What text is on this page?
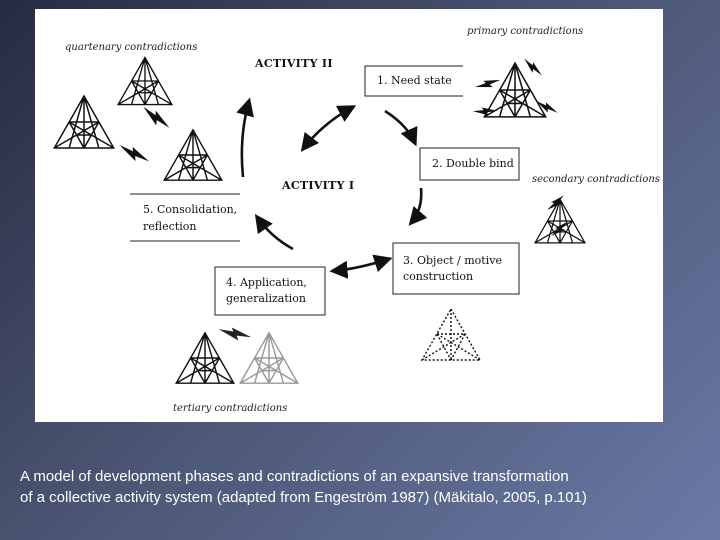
ACTIVITY II
ACTIVITY I
1. Need state
2. Double bind
3. Object / motive
construction
4. Application,
generalization
5. Consolidation,
reflection
primary contradictions
secondary contradictions
tertiary contradictions
quartenary contradictions
A model of development phases and contradictions of an expansive transformation
of a collective activity system (adapted from Engeström 1987) (Mäkitalo, 2005, p.101)
